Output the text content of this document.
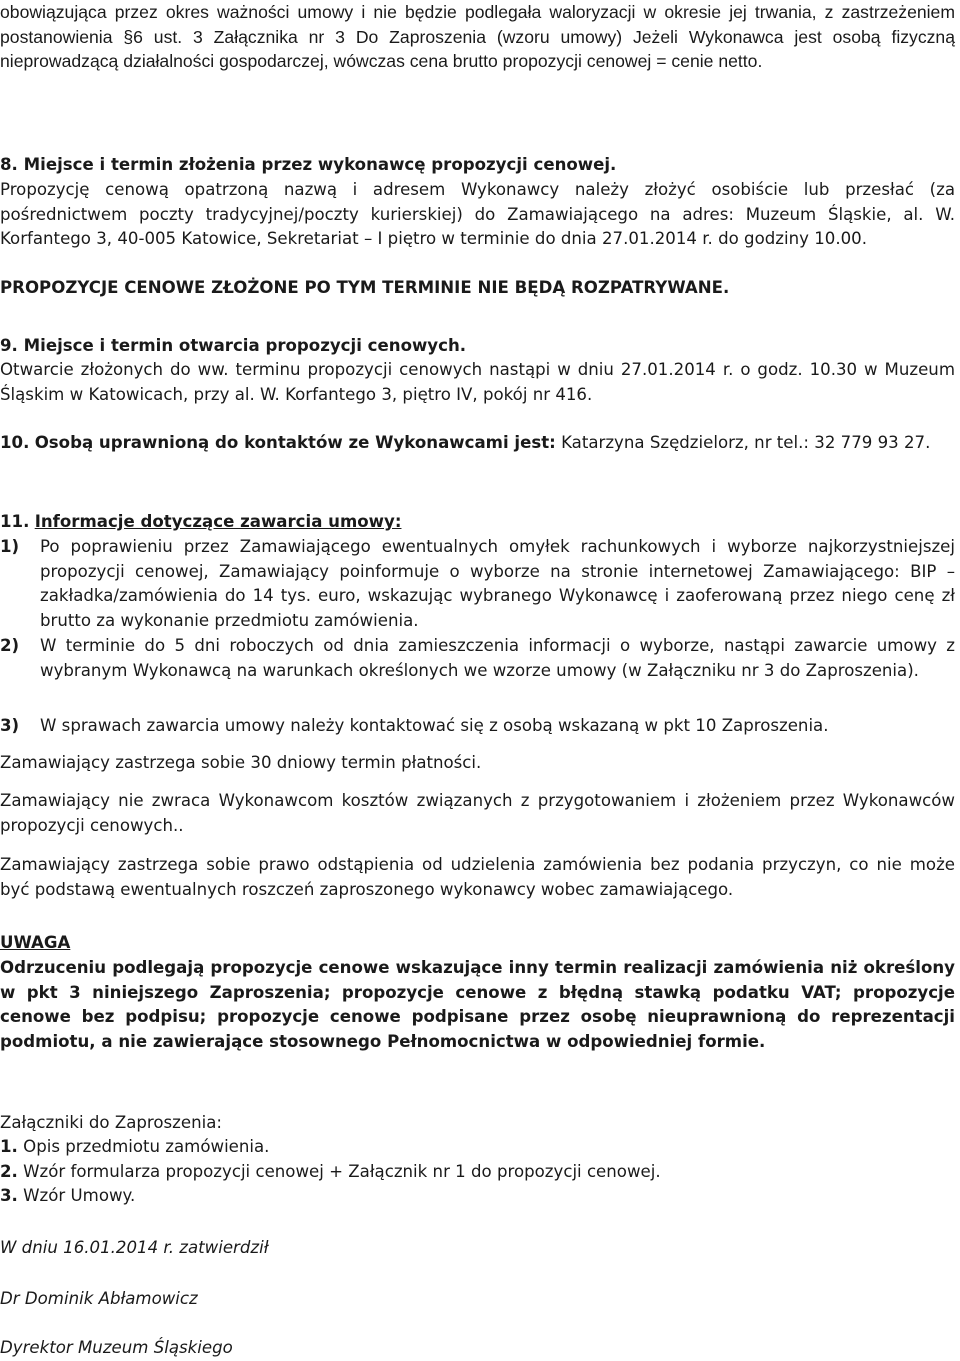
obowiązująca przez okres ważności umowy i nie będzie podlegała waloryzacji w okresie jej trwania, z zastrzeżeniem postanowienia §6 ust. 3 Załącznika nr 3 Do Zaproszenia (wzoru umowy) Jeżeli Wykonawca jest osobą fizyczną nieprowadzącą działalności gospodarczej, wówczas cena brutto propozycji cenowej = cenie netto.

8. Miejsce i termin złożenia przez wykonawcę propozycji cenowej.

Propozycję cenową opatrzoną nazwą i adresem Wykonawcy należy złożyć osobiście lub przesłać (za pośrednictwem poczty tradycyjnej/poczty kurierskiej) do Zamawiającego na adres: Muzeum Śląskie, al. W. Korfantego 3, 40-005 Katowice, Sekretariat – I piętro w terminie do dnia 27.01.2014 r. do godziny 10.00.

PROPOZYCJE CENOWE ZŁOŻONE PO TYM TERMINIE NIE BĘDĄ ROZPATRYWANE.

9. Miejsce i termin otwarcia propozycji cenowych.

Otwarcie złożonych do ww. terminu propozycji cenowych nastąpi w dniu 27.01.2014 r. o godz. 10.30 w Muzeum Śląskim w Katowicach, przy al. W. Korfantego 3, piętro IV, pokój nr 416.

10. Osobą uprawnioną do kontaktów ze Wykonawcami jest: Katarzyna Szędzielorz, nr tel.: 32 779 93 27.

11. Informacje dotyczące zawarcia umowy:

1)	Po poprawieniu przez Zamawiającego ewentualnych omyłek rachunkowych i wyborze najkorzystniejszej propozycji cenowej, Zamawiający poinformuje o wyborze na stronie internetowej Zamawiającego: BIP – zakładka/zamówienia do 14 tys. euro, wskazując wybranego Wykonawcę i zaoferowaną przez niego cenę zł brutto za wykonanie przedmiotu zamówienia.
2)	W terminie do 5 dni roboczych od dnia zamieszczenia informacji o wyborze, nastąpi zawarcie umowy z wybranym Wykonawcą na warunkach określonych we wzorze umowy (w Załączniku nr 3 do Zaproszenia).
3)	W sprawach zawarcia umowy należy kontaktować się z osobą wskazaną w pkt 10 Zaproszenia.

Zamawiający zastrzega sobie 30 dniowy termin płatności.

Zamawiający nie zwraca Wykonawcom kosztów związanych z przygotowaniem i złożeniem przez Wykonawców propozycji cenowych..

Zamawiający zastrzega sobie prawo odstąpienia od udzielenia zamówienia bez podania przyczyn, co nie może być podstawą ewentualnych roszczeń zaproszonego wykonawcy wobec zamawiającego.

UWAGA

Odrzuceniu podlegają propozycje cenowe wskazujące inny termin realizacji zamówienia niż określony w pkt 3 niniejszego Zaproszenia; propozycje cenowe z błędną stawką podatku VAT; propozycje cenowe bez podpisu; propozycje cenowe podpisane przez osobę nieuprawnioną do reprezentacji podmiotu, a nie zawierające stosownego Pełnomocnictwa w odpowiedniej formie.

Załączniki do Zaproszenia:

1. Opis przedmiotu zamówienia.

2. Wzór formularza propozycji cenowej + Załącznik nr 1 do propozycji cenowej.

3. Wzór Umowy.

W dniu 16.01.2014 r. zatwierdził

Dr Dominik Abłamowicz

Dyrektor Muzeum Śląskiego
